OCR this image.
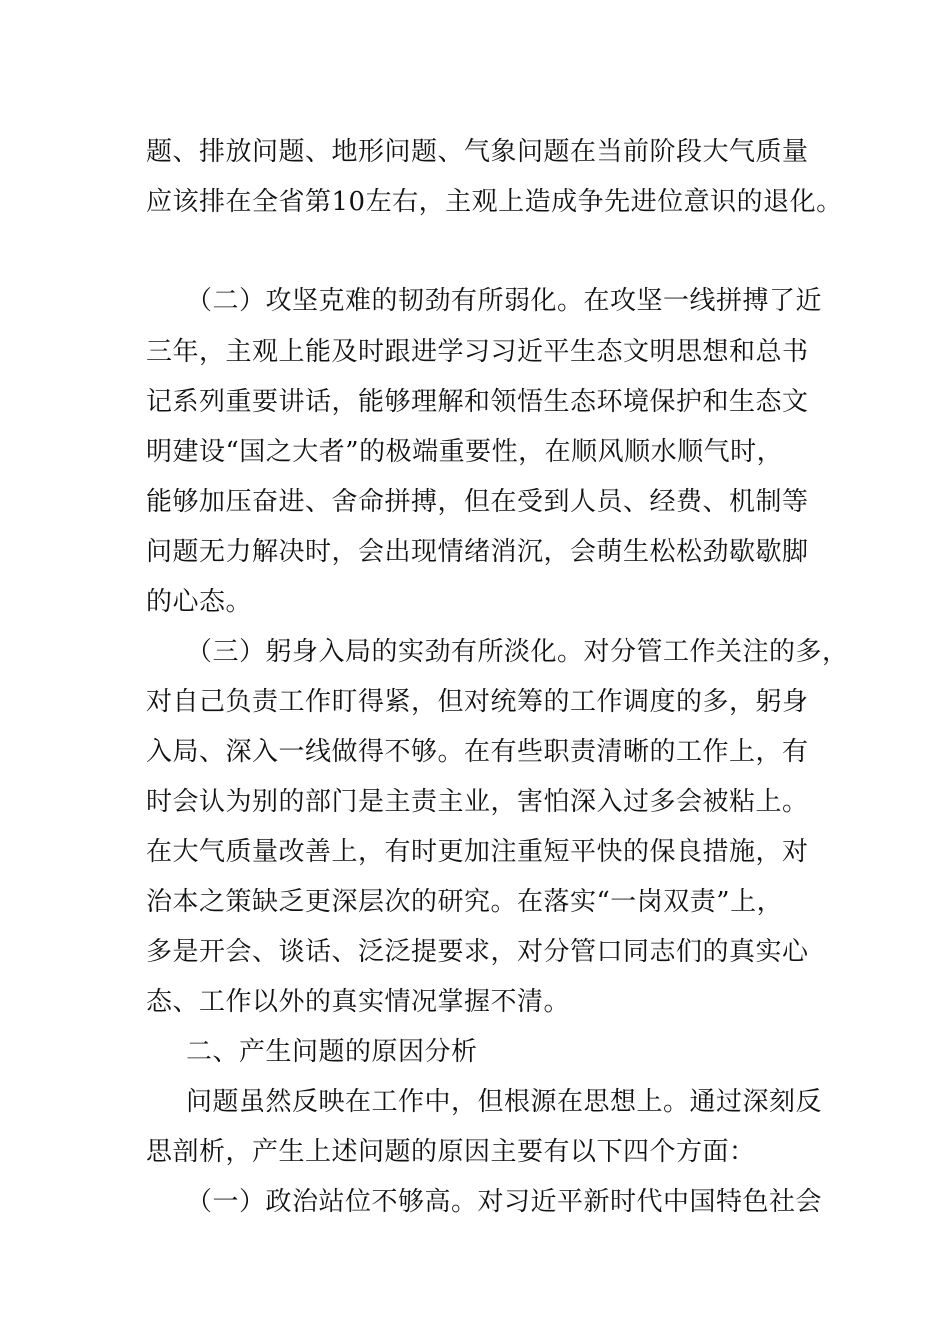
题、排放问题、地形问题、气象问题在当前阶段大气质量
应该排在全省第10左右，主观上造成争先进位意识的退化。
（二）攻坚克难的韧劲有所弱化。在攻坚一线拼搏了近
三年，主观上能及时跟进学习习近平生态文明思想和总书
记系列重要讲话，能够理解和领悟生态环境保护和生态文
明建设“国之大者”的极端重要性，在顺风顺水顺气时，
能够加压奋进、舍命拼搏，但在受到人员、经费、机制等
问题无力解决时，会出现情绪消沉，会萌生松松劲歇歇脚
的心态。
（三）躬身入局的实劲有所淡化。对分管工作关注的多，
对自己负责工作盯得紧，但对统筹的工作调度的多，躬身
入局、深入一线做得不够。在有些职责清晰的工作上，有
时会认为别的部门是主责主业，害怕深入过多会被粘上。
在大气质量改善上，有时更加注重短平快的保良措施，对
治本之策缺乏更深层次的研究。在落实“一岗双责”上，
多是开会、谈话、泛泛提要求，对分管口同志们的真实心
态、工作以外的真实情况掌握不清。
二、产生问题的原因分析
问题虽然反映在工作中，但根源在思想上。通过深刻反
思剖析，产生上述问题的原因主要有以下四个方面：
（一）政治站位不够高。对习近平新时代中国特色社会
